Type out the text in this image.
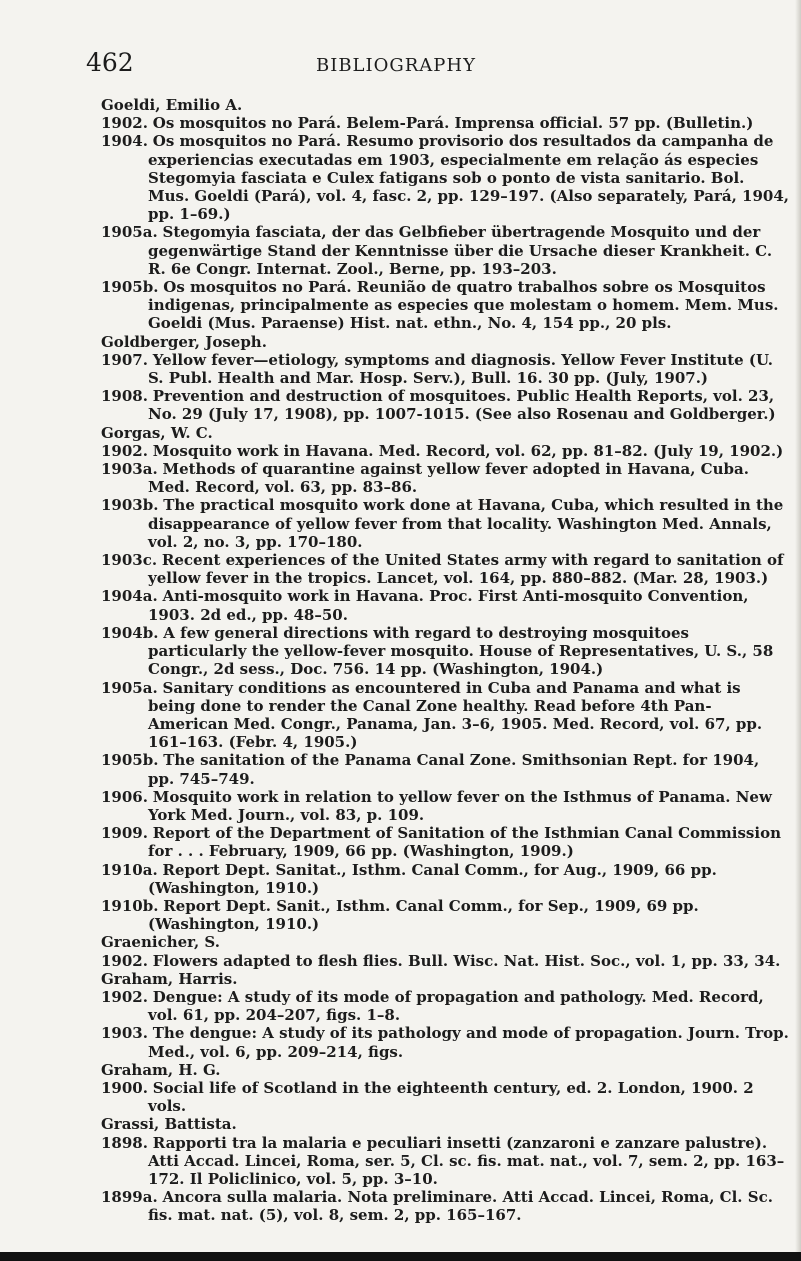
462	BIBLIOGRAPHY

Goeldi, Emilio A.

1902. Os mosquitos no Pará. Belem-Pará. Imprensa official. 57 pp. (Bulletin.)

1904. Os mosquitos no Pará. Resumo provisorio dos resultados da campanha de experiencias executadas em 1903, especialmente em relação ás especies Stegomyia fasciata e Culex fatigans sob o ponto de vista sanitario. Bol. Mus. Goeldi (Pará), vol. 4, fasc. 2, pp. 129–197. (Also separately, Pará, 1904, pp. 1–69.)

1905a. Stegomyia fasciata, der das Gelbfieber übertragende Mosquito und der gegenwärtige Stand der Kenntnisse über die Ursache dieser Krankheit. C. R. 6e Congr. Internat. Zool., Berne, pp. 193–203.

1905b. Os mosquitos no Pará. Reunião de quatro trabalhos sobre os Mosquitos indigenas, principalmente as especies que molestam o homem. Mem. Mus. Goeldi (Mus. Paraense) Hist. nat. ethn., No. 4, 154 pp., 20 pls.

Goldberger, Joseph.

1907. Yellow fever—etiology, symptoms and diagnosis. Yellow Fever Institute (U. S. Publ. Health and Mar. Hosp. Serv.), Bull. 16. 30 pp. (July, 1907.)

1908. Prevention and destruction of mosquitoes. Public Health Reports, vol. 23, No. 29 (July 17, 1908), pp. 1007-1015. (See also Rosenau and Goldberger.)

Gorgas, W. C.

1902. Mosquito work in Havana. Med. Record, vol. 62, pp. 81–82. (July 19, 1902.)

1903a. Methods of quarantine against yellow fever adopted in Havana, Cuba. Med. Record, vol. 63, pp. 83–86.

1903b. The practical mosquito work done at Havana, Cuba, which resulted in the disappearance of yellow fever from that locality. Washington Med. Annals, vol. 2, no. 3, pp. 170–180.

1903c. Recent experiences of the United States army with regard to sanitation of yellow fever in the tropics. Lancet, vol. 164, pp. 880–882. (Mar. 28, 1903.)

1904a. Anti-mosquito work in Havana. Proc. First Anti-mosquito Convention, 1903. 2d ed., pp. 48–50.

1904b. A few general directions with regard to destroying mosquitoes particularly the yellow-fever mosquito. House of Representatives, U. S., 58 Congr., 2d sess., Doc. 756. 14 pp. (Washington, 1904.)

1905a. Sanitary conditions as encountered in Cuba and Panama and what is being done to render the Canal Zone healthy. Read before 4th Pan-American Med. Congr., Panama, Jan. 3–6, 1905. Med. Record, vol. 67, pp. 161–163. (Febr. 4, 1905.)

1905b. The sanitation of the Panama Canal Zone. Smithsonian Rept. for 1904, pp. 745–749.

1906. Mosquito work in relation to yellow fever on the Isthmus of Panama. New York Med. Journ., vol. 83, p. 109.

1909. Report of the Department of Sanitation of the Isthmian Canal Commission for . . . February, 1909, 66 pp. (Washington, 1909.)

1910a. Report Dept. Sanitat., Isthm. Canal Comm., for Aug., 1909, 66 pp. (Washington, 1910.)

1910b. Report Dept. Sanit., Isthm. Canal Comm., for Sep., 1909, 69 pp. (Washington, 1910.)

Graenicher, S.

1902. Flowers adapted to flesh flies. Bull. Wisc. Nat. Hist. Soc., vol. 1, pp. 33, 34.

Graham, Harris.

1902. Dengue: A study of its mode of propagation and pathology. Med. Record, vol. 61, pp. 204–207, figs. 1–8.

1903. The dengue: A study of its pathology and mode of propagation. Journ. Trop. Med., vol. 6, pp. 209–214, figs.

Graham, H. G.

1900. Social life of Scotland in the eighteenth century, ed. 2. London, 1900. 2 vols.

Grassi, Battista.

1898. Rapporti tra la malaria e peculiari insetti (zanzaroni e zanzare palustre). Atti Accad. Lincei, Roma, ser. 5, Cl. sc. fis. mat. nat., vol. 7, sem. 2, pp. 163–172. Il Policlinico, vol. 5, pp. 3–10.

1899a. Ancora sulla malaria. Nota preliminare. Atti Accad. Lincei, Roma, Cl. Sc. fis. mat. nat. (5), vol. 8, sem. 2, pp. 165–167.
